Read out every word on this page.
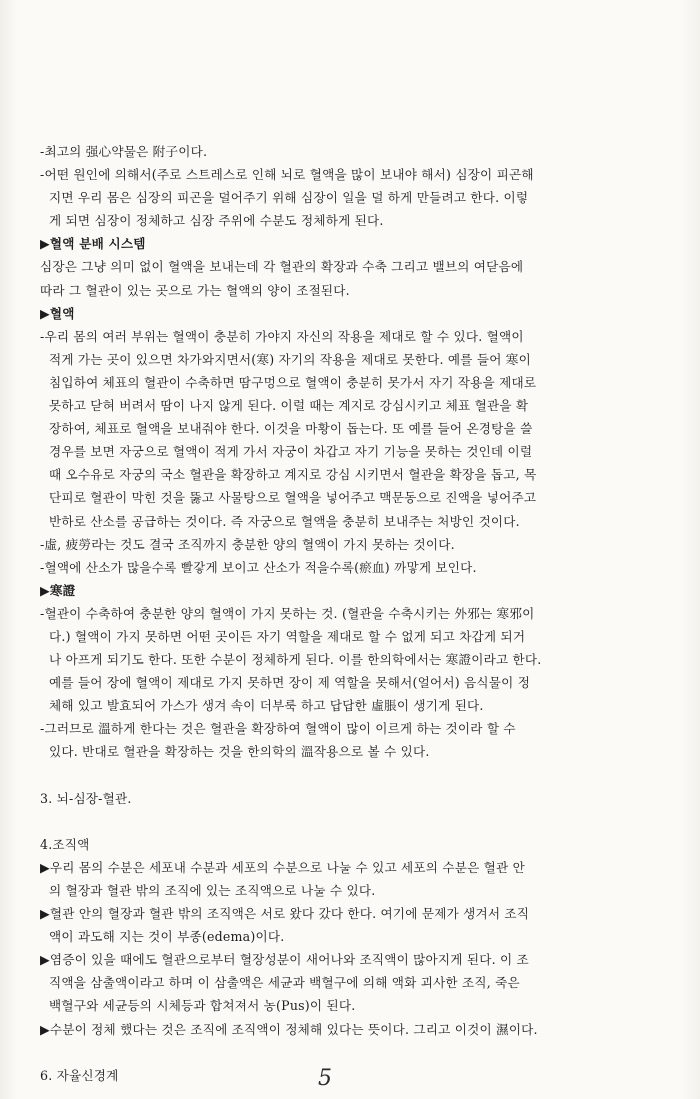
-최고의 强心약물은 附子이다.
-어떤 원인에 의해서(주로 스트레스로 인해 뇌로 혈액을 많이 보내야 해서) 심장이 피곤해
지면 우리 몸은 심장의 피곤을 덜어주기 위해 심장이 일을 덜 하게 만들려고 한다. 이렇
게 되면 심장이 정체하고 심장 주위에 수분도 정체하게 된다.
▶혈액 분배 시스템
심장은 그냥 의미 없이 혈액을 보내는데 각 혈관의 확장과 수축 그리고 밸브의 여닫음에
따라 그 혈관이 있는 곳으로 가는 혈액의 양이 조절된다.
▶혈액
-우리 몸의 여러 부위는 혈액이 충분히 가야지 자신의 작용을 제대로 할 수 있다. 혈액이
적게 가는 곳이 있으면 차가와지면서(寒) 자기의 작용을 제대로 못한다. 예를 들어 寒이
침입하여 체표의 혈관이 수축하면 땀구멍으로 혈액이 충분히 못가서 자기 작용을 제대로
못하고 닫혀 버려서 땀이 나지 않게 된다. 이럴 때는 계지로 강심시키고 체표 혈관을 확
장하여, 체표로 혈액을 보내줘야 한다. 이것을 마황이 돕는다. 또 예를 들어 온경탕을 쓸
경우를 보면 자궁으로 혈액이 적게 가서 자궁이 차갑고 자기 기능을 못하는 것인데 이럴
때 오수유로 자궁의 국소 혈관을 확장하고 계지로 강심 시키면서 혈관을 확장을 돕고, 목
단피로 혈관이 막힌 것을 뚫고 사물탕으로 혈액을 넣어주고 맥문동으로 진액을 넣어주고
반하로 산소를 공급하는 것이다. 즉 자궁으로 혈액을 충분히 보내주는 처방인 것이다.
-虛, 疲勞라는 것도 결국 조직까지 충분한 양의 혈액이 가지 못하는 것이다.
-혈액에 산소가 많을수록 빨갛게 보이고 산소가 적을수록(瘀血) 까맣게 보인다.
▶寒證
-혈관이 수축하여 충분한 양의 혈액이 가지 못하는 것. (혈관을 수축시키는 外邪는 寒邪이
다.) 혈액이 가지 못하면 어떤 곳이든 자기 역할을 제대로 할 수 없게 되고 차갑게 되거
나 아프게 되기도 한다. 또한 수분이 정체하게 된다. 이를 한의학에서는 寒證이라고 한다.
예를 들어 장에 혈액이 제대로 가지 못하면 장이 제 역할을 못해서(얼어서) 음식물이 정
체해 있고 발효되어 가스가 생겨 속이 더부룩 하고 답답한 虛脹이 생기게 된다.
-그러므로 溫하게 한다는 것은 혈관을 확장하여 혈액이 많이 이르게 하는 것이라 할 수
있다. 반대로 혈관을 확장하는 것을 한의학의 溫작용으로 볼 수 있다.
3. 뇌-심장-혈관.
4.조직액
▶우리 몸의 수분은 세포내 수분과 세포의 수분으로 나눌 수 있고 세포의 수분은 혈관 안
의 혈장과 혈관 밖의 조직에 있는 조직액으로 나눌 수 있다.
▶혈관 안의 혈장과 혈관 밖의 조직액은 서로 왔다 갔다 한다. 여기에 문제가 생겨서 조직
액이 과도해 지는 것이 부종(edema)이다.
▶염증이 있을 때에도 혈관으로부터 혈장성분이 새어나와 조직액이 많아지게 된다. 이 조
직액을 삼출액이라고 하며 이 삼출액은 세균과 백혈구에 의해 액화 괴사한 조직, 죽은
백혈구와 세균등의 시체등과 합쳐져서 농(Pus)이 된다.
▶수분이 정체 했다는 것은 조직에 조직액이 정체해 있다는 뜻이다. 그리고 이것이 濕이다.
6. 자율신경계	5
